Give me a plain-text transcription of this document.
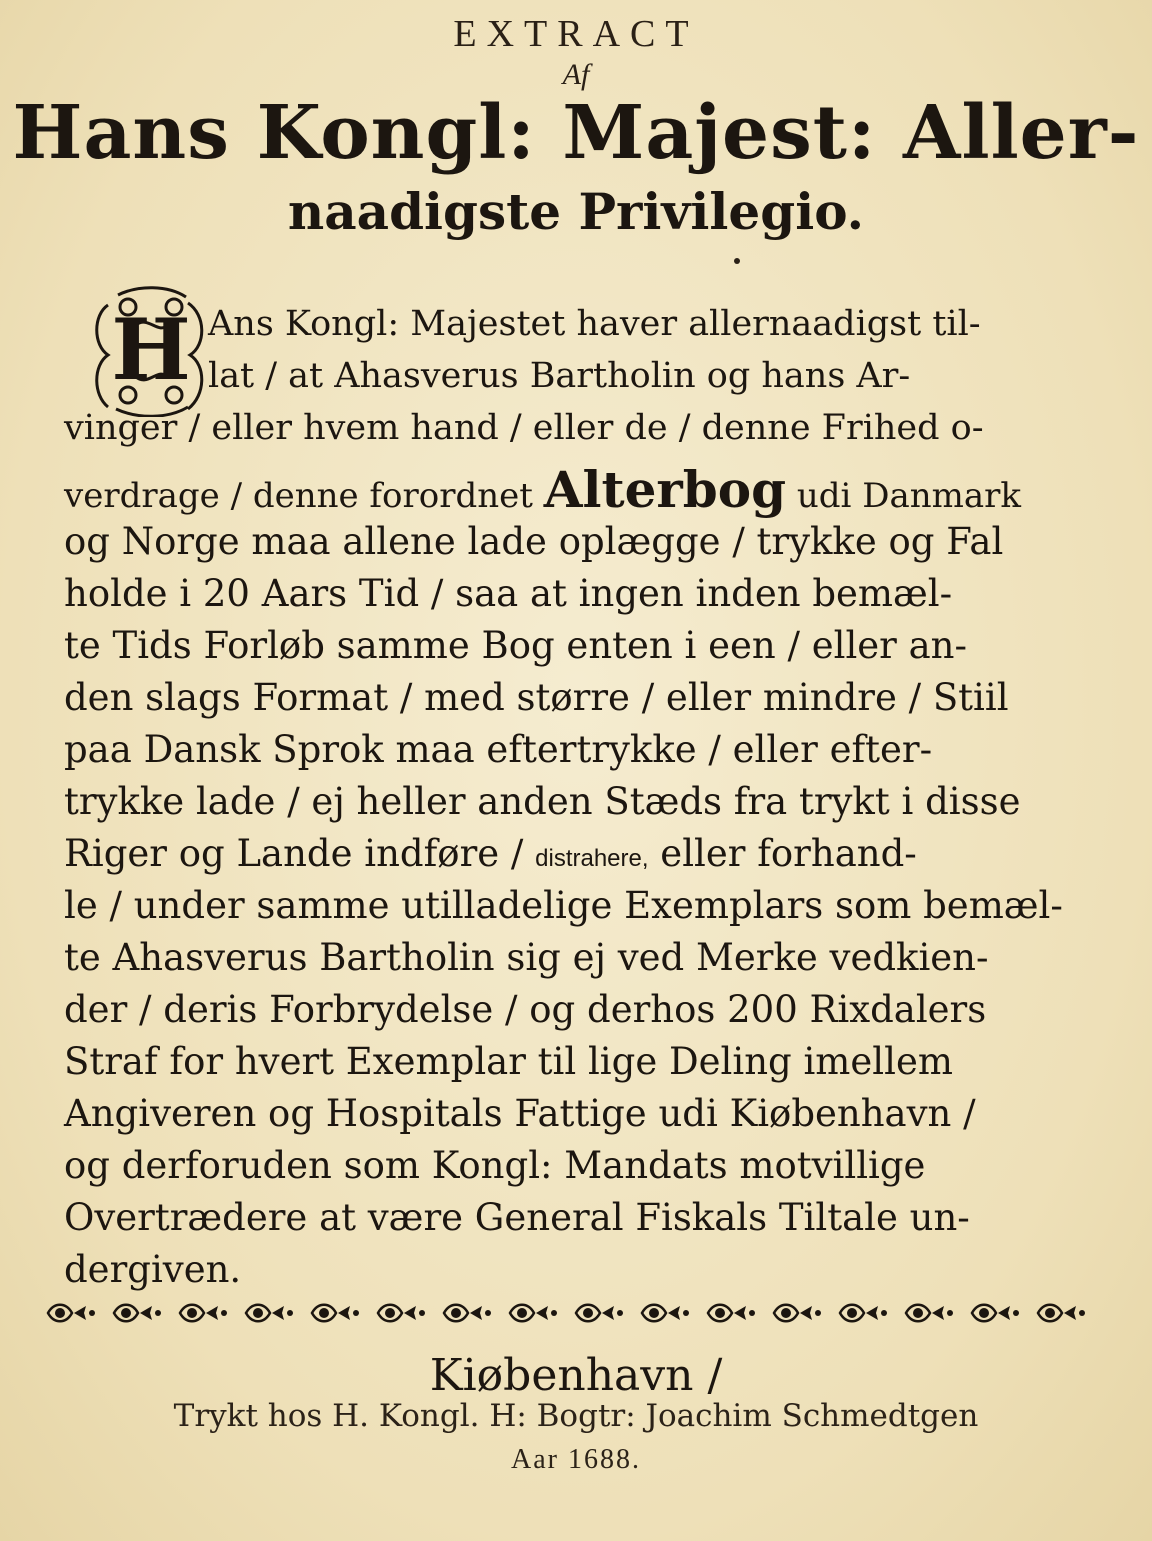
EXTRACT
Af
Hans Kongl: Majest: Aller-
naadigste Privilegio.
H Ans Kongl: Majestet haver allernaadigst til-
lat / at Ahasverus Bartholin og hans Ar-
vinger / eller hvem hand / eller de / denne Frihed o-
verdrage / denne forordnet Alterbog udi Danmark
og Norge maa allene lade oplægge / trykke og Fal
holde i 20 Aars Tid / saa at ingen inden bemæl-
te Tids Forløb samme Bog enten i een / eller an-
den slags Format / med større / eller mindre / Stiil
paa Dansk Sprok maa eftertrykke / eller efter-
trykke lade / ej heller anden Stæds fra trykt i disse
Riger og Lande indføre / distrahere, eller forhand-
le / under samme utilladelige Exemplars som bemæl-
te Ahasverus Bartholin sig ej ved Merke vedkien-
der / deris Forbrydelse / og derhos 200 Rixdalers
Straf for hvert Exemplar til lige Deling imellem
Angiveren og Hospitals Fattige udi Kiøbenhavn /
og derforuden som Kongl: Mandats motvillige
Overtrædere at være General Fiskals Tiltale un-
dergiven.
Kiøbenhavn /
Trykt hos H. Kongl. H: Bogtr: Joachim Schmedtgen
Aar 1688.
